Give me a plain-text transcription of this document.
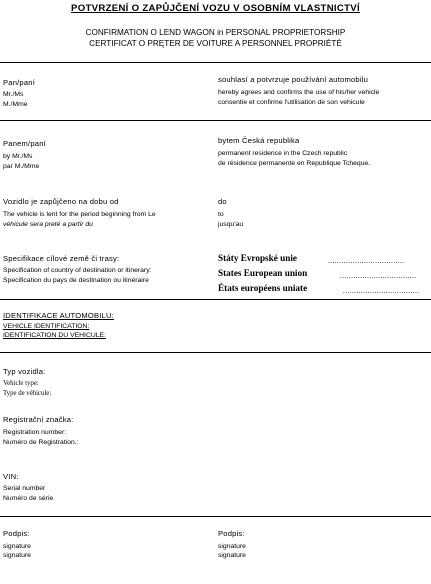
POTVRZENÍ O ZAPŮJČENÍ VOZU V OSOBNÍM VLASTNICTVÍ
CONFIRMATION O LEND WAGON in PERSONAL PROPRIETORSHIP
CERTIFICAT O PRĘTER DE VOITURE A PERSONNEL PROPRIÉTÉ
Pan/paní
Mr./Ms
M./Mme
souhlasí a potvrzuje používání automobilu
hereby agrees and confirms the use of his/her vehicle
consentie et confirme l'utilisation de son vehicule
Panem/paní
by Mr./Ms
par M./Mme
bytem Česká republika
permanent residence in the Czech republic
de résidence permanente en Republique Tcheque.
Vozidlo je zapůjčeno na dobu od
The vehicle is lent for the period beginning from Le
véhicule sera preté a partir du
do
to
jusqu'au
Specifikace cílové země či trasy:
Specification of country of destination or itinerary:
Specification du pays de destination ou itinéraire
Státy Evropské unie	..................................
States European union	..................................
États européens uniate	..................................
IDENTIFIKACE AUTOMOBILU:
VEHICLE IDENTIFICATION:
IDENTIFICATION DU VEHICULE:
Typ vozidla:
Vehicle type:
Type de véhicule:
Registrační značka:
Registration number:
Numéro de Registration.:
VIN:
Serial number
Numéro de série
Podpis:
signature
signature
Podpis:
signature
signature
